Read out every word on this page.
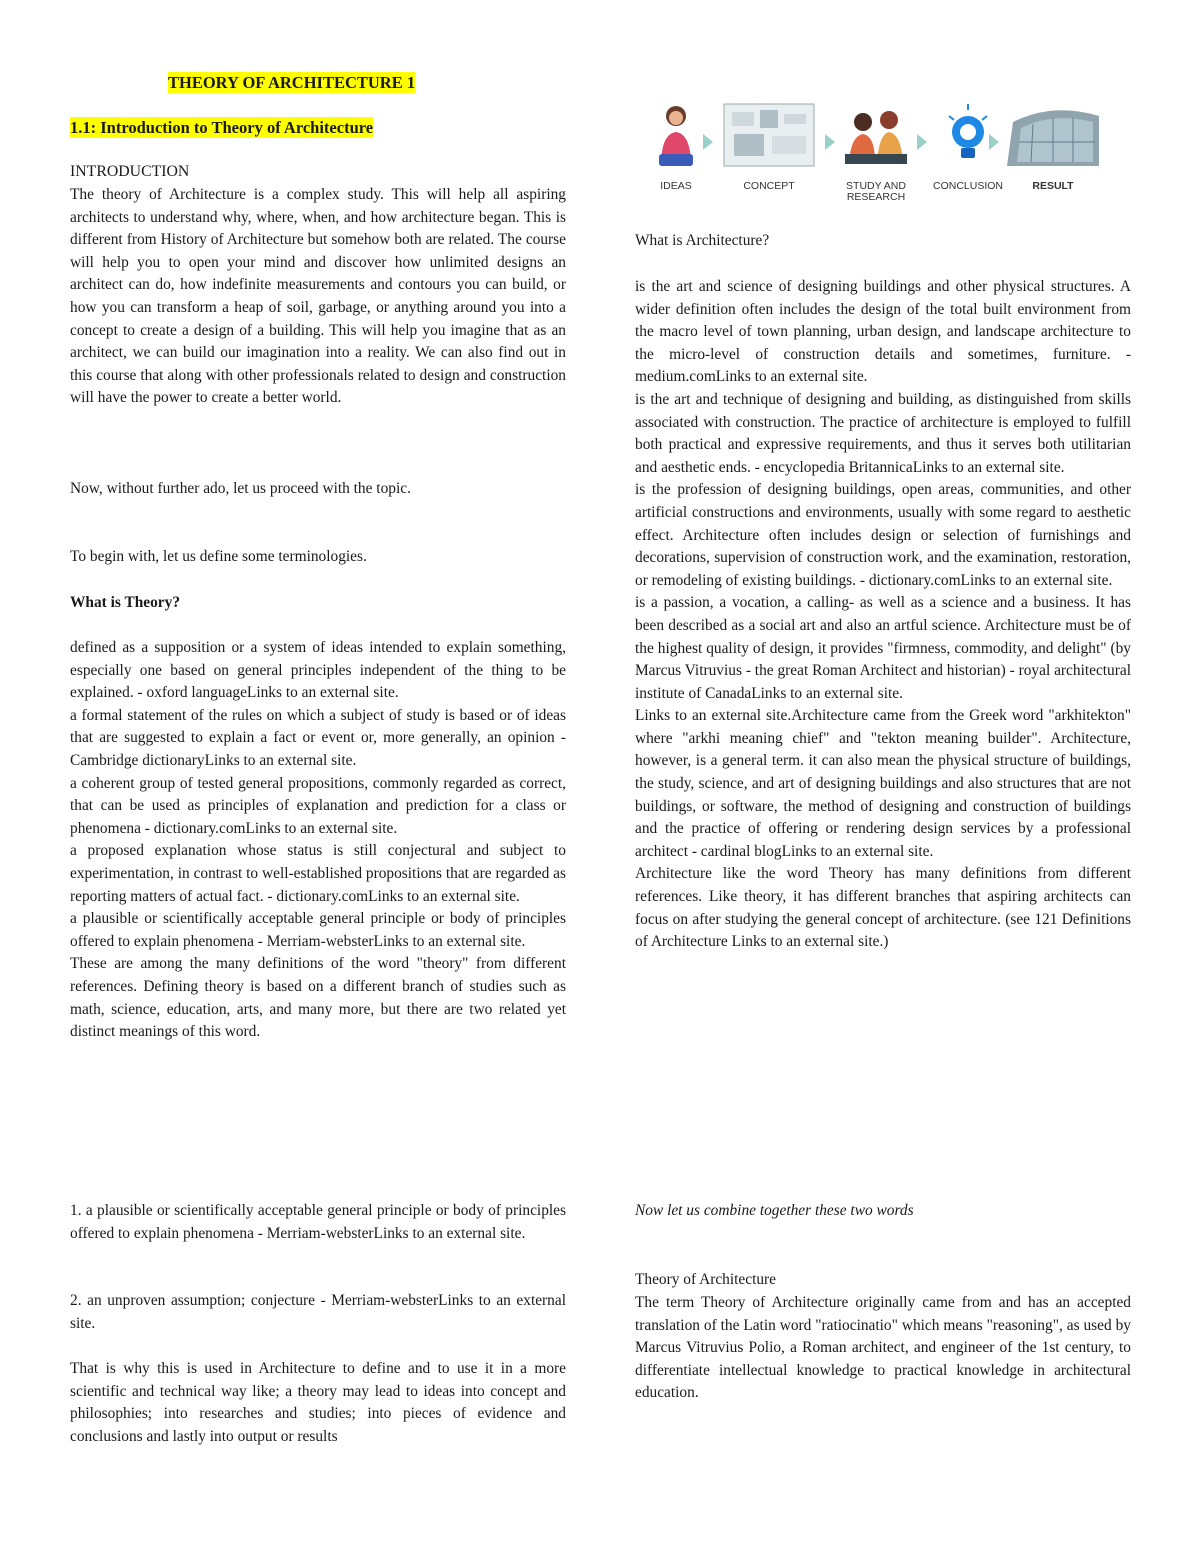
THEORY OF ARCHITECTURE 1
1.1: Introduction to Theory of Architecture

INTRODUCTION

The theory of Architecture is a complex study. This will help all aspiring architects to understand why, where, when, and how architecture began. This is different from History of Architecture but somehow both are related. The course will help you to open your mind and discover how unlimited designs an architect can do, how indefinite measurements and contours you can build, or how you can transform a heap of soil, garbage, or anything around you into a concept to create a design of a building. This will help you imagine that as an architect, we can build our imagination into a reality. We can also find out in this course that along with other professionals related to design and construction will have the power to create a better world.

Now, without further ado, let us proceed with the topic.

To begin with, let us define some terminologies.

What is Theory?

defined as a supposition or a system of ideas intended to explain something, especially one based on general principles independent of the thing to be explained. - oxford languageLinks to an external site.

a formal statement of the rules on which a subject of study is based or of ideas that are suggested to explain a fact or event or, more generally, an opinion - Cambridge dictionaryLinks to an external site.

a coherent group of tested general propositions, commonly regarded as correct, that can be used as principles of explanation and prediction for a class or phenomena - dictionary.comLinks to an external site.

a proposed explanation whose status is still conjectural and subject to experimentation, in contrast to well-established propositions that are regarded as reporting matters of actual fact. - dictionary.comLinks to an external site.

a plausible or scientifically acceptable general principle or body of principles offered to explain phenomena - Merriam-websterLinks to an external site.

These are among the many definitions of the word "theory" from different references. Defining theory is based on a different branch of studies such as math, science, education, arts, and many more, but there are two related yet distinct meanings of this word.

1. a plausible or scientifically acceptable general principle or body of principles offered to explain phenomena - Merriam-websterLinks to an external site.

2. an unproven assumption; conjecture - Merriam-websterLinks to an external site.

That is why this is used in Architecture to define and to use it in a more scientific and technical way like; a theory may lead to ideas into concept and philosophies; into researches and studies; into pieces of evidence and conclusions and lastly into output or results

IDEAS	CONCEPT	STUDY AND RESEARCH
CONCLUSION	RESULT

What is Architecture?

is the art and science of designing buildings and other physical structures. A wider definition often includes the design of the total built environment from the macro level of town planning, urban design, and landscape architecture to the micro-level of construction details and sometimes, furniture. - medium.comLinks to an external site.

is the art and technique of designing and building, as distinguished from skills associated with construction. The practice of architecture is employed to fulfill both practical and expressive requirements, and thus it serves both utilitarian and aesthetic ends. - encyclopedia BritannicaLinks to an external site.

is the profession of designing buildings, open areas, communities, and other artificial constructions and environments, usually with some regard to aesthetic effect. Architecture often includes design or selection of furnishings and decorations, supervision of construction work, and the examination, restoration, or remodeling of existing buildings. - dictionary.comLinks to an external site.

is a passion, a vocation, a calling- as well as a science and a business. It has been described as a social art and also an artful science. Architecture must be of the highest quality of design, it provides "firmness, commodity, and delight" (by Marcus Vitruvius - the great Roman Architect and historian) - royal architectural institute of CanadaLinks to an external site.

Links to an external site.Architecture came from the Greek word "arkhitekton" where "arkhi meaning chief" and "tekton meaning builder". Architecture, however, is a general term. it can also mean the physical structure of buildings, the study, science, and art of designing buildings and also structures that are not buildings, or software, the method of designing and construction of buildings and the practice of offering or rendering design services by a professional architect - cardinal blogLinks to an external site.

Architecture like the word Theory has many definitions from different references. Like theory, it has different branches that aspiring architects can focus on after studying the general concept of architecture. (see 121 Definitions of Architecture Links to an external site.)

Now let us combine together these two words

Theory of Architecture

The term Theory of Architecture originally came from and has an accepted translation of the Latin word "ratiocinatio" which means "reasoning", as used by Marcus Vitruvius Polio, a Roman architect, and engineer of the 1st century, to differentiate intellectual knowledge to practical knowledge in architectural education.
